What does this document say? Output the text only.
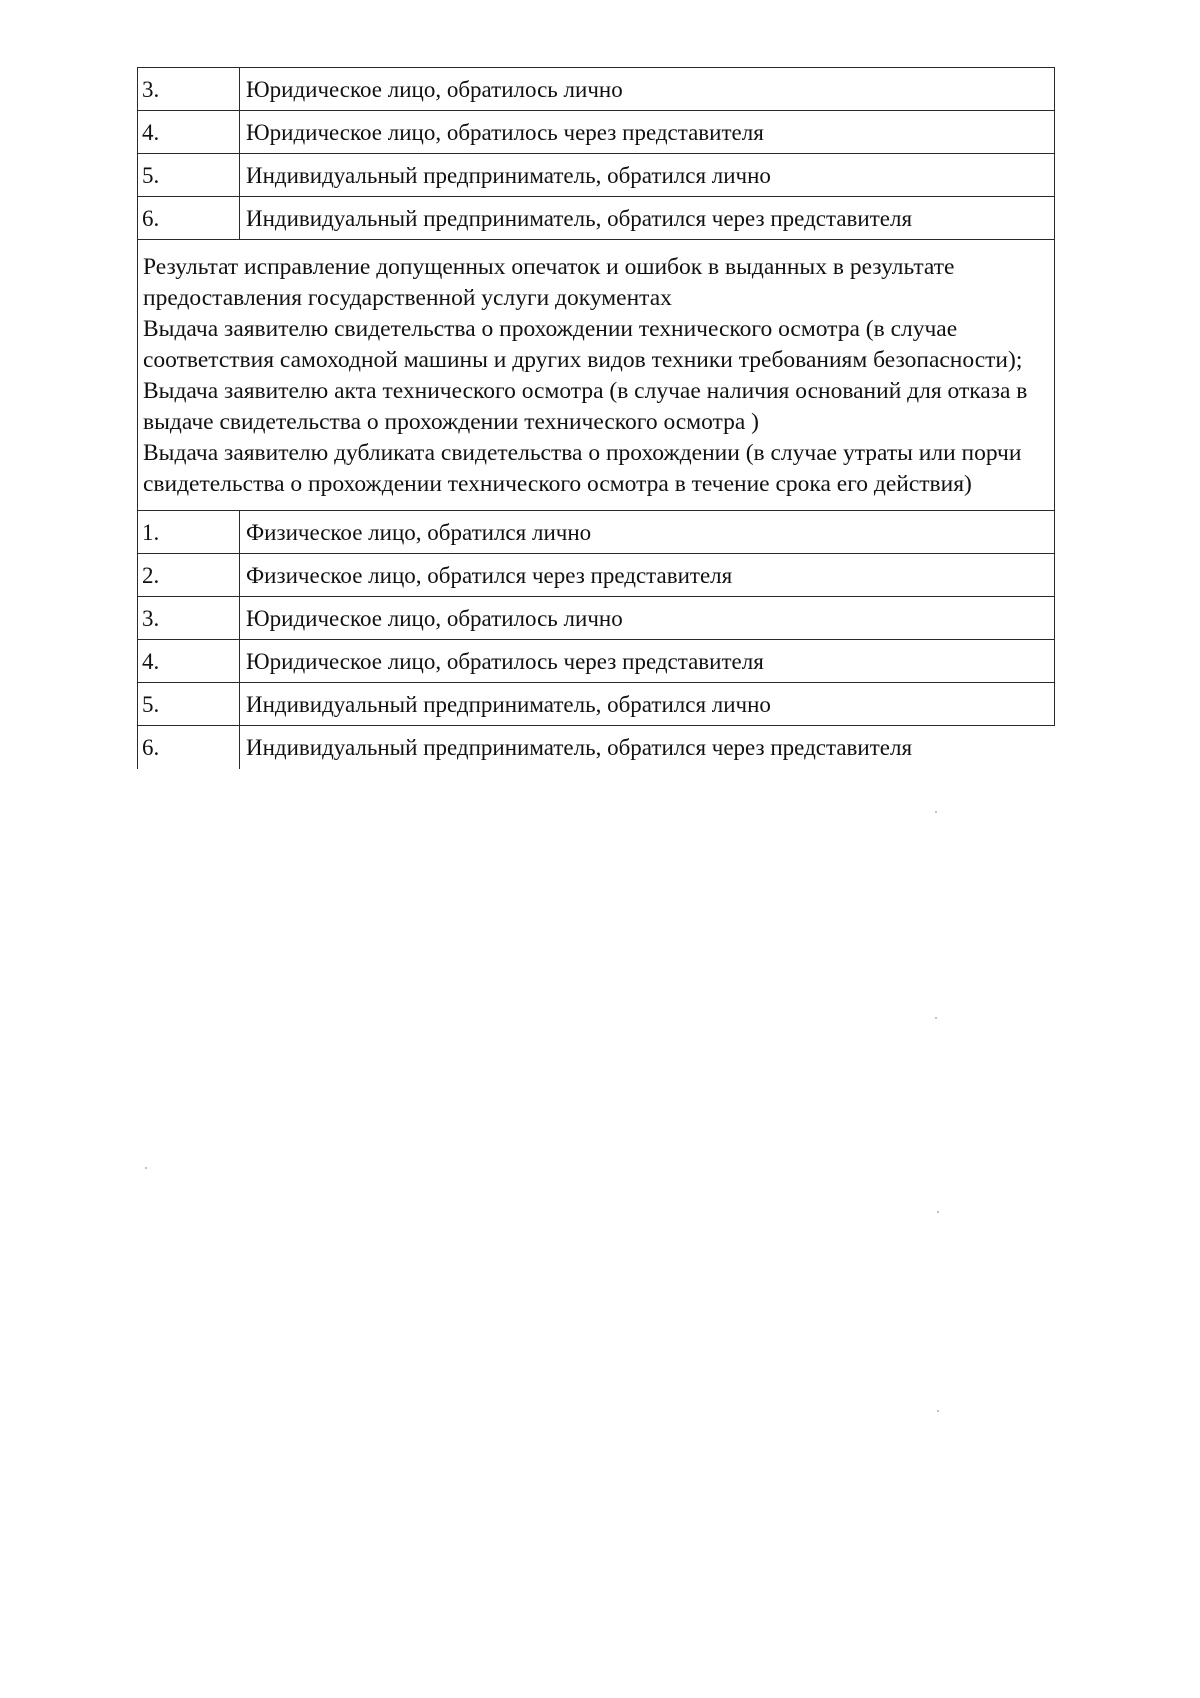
3.	Юридическое лицо, обратилось лично
4.	Юридическое лицо, обратилось через представителя
5.	Индивидуальный предприниматель, обратился лично
6.	Индивидуальный предприниматель, обратился через представителя

Результат исправление допущенных опечаток и ошибок в выданных в результате предоставления государственной услуги документах

Выдача заявителю свидетельства о прохождении технического осмотра (в случае соответствия самоходной машины и других видов техники требованиям безопасности);

Выдача заявителю акта технического осмотра (в случае наличия оснований для отказа в выдаче свидетельства о прохождении технического осмотра )

Выдача заявителю дубликата свидетельства о прохождении (в случае утраты или порчи свидетельства о прохождении технического осмотра в течение срока его действия)	

1.	Физическое лицо, обратился лично
2.	Физическое лицо, обратился через представителя
3.	Юридическое лицо, обратилось лично
4.	Юридическое лицо, обратилось через представителя
5.	Индивидуальный предприниматель, обратился лично
6.	Индивидуальный предприниматель, обратился через представителя
